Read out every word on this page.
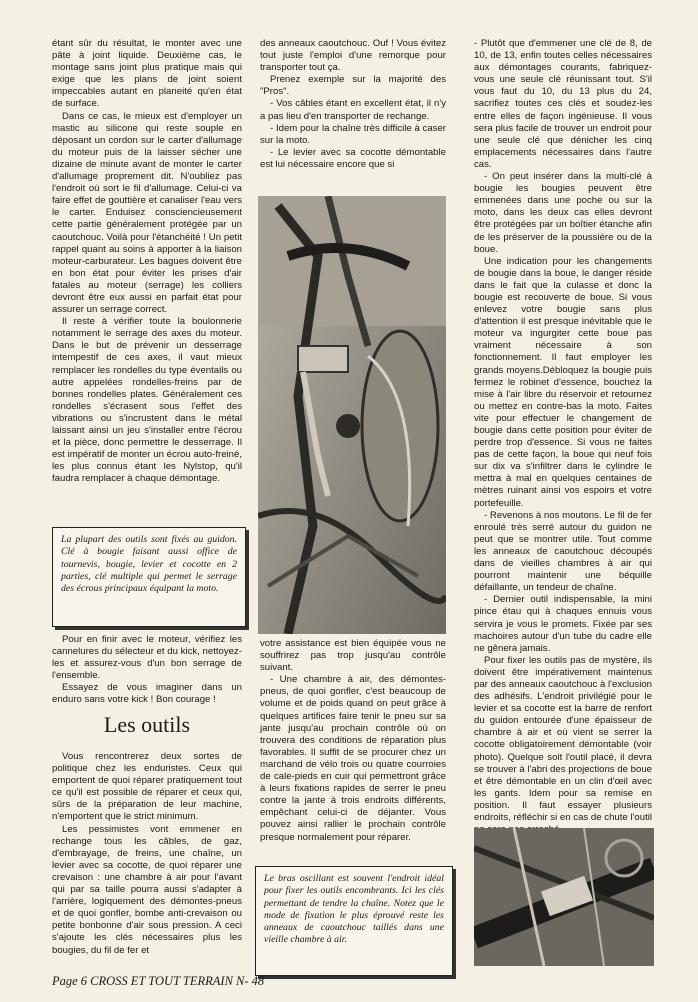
étant sûr du résultat, le monter avec une pâte à joint liquide. Deuxième cas, le montage sans joint plus pratique mais qui exige que les plans de joint soient impeccables autant en planeité qu'en état de surface.

Dans ce cas, le mieux est d'employer un mastic au silicone qui reste souple en déposant un cordon sur le carter d'allumage du moteur puis de la laisser sécher une dizaine de minute avant de monter le carter d'allumage proprement dit. N'oubliez pas l'endroit où sort le fil d'allumage. Celui-ci va faire effet de gouttière et canaliser l'eau vers le carter. Enduisez consciencieusement cette partie généralement protégée par un caoutchouc. Voilà pour l'étanchéité ! Un petit rappel quant au soins à apporter à la liaison moteur-carburateur. Les bagues doivent être en bon état pour éviter les prises d'air fatales au moteur (serrage) les colliers devront être eux aussi en parfait état pour assurer un serrage correct.

Il reste à vérifier toute la boulonnerie notamment le serrage des axes du moteur. Dans le but de prévenir un desserrage intempestif de ces axes, il vaut mieux remplacer les rondelles du type éventails ou autre appelées rondelles-freins par de bonnes rondelles plates. Généralement ces rondelles s'écrasent sous l'effet des vibrations ou s'incrustent dans le métal laissant ainsi un jeu s'installer entre l'écrou et la pièce, donc permettre le desserrage. Il est impératif de monter un écrou auto-freiné, les plus connus étant les Nylstop, qu'il faudra remplacer à chaque démontage.

La plupart des outils sont fixés au guidon. Clé à bougie faisant aussi office de tournevis, bougie, levier et cocotte en 2 parties, clé multiple qui permet le serrage des écrous principaux équipant la moto.

Pour en finir avec le moteur, vérifiez les cannelures du sélecteur et du kick, nettoyez-les et assurez-vous d'un bon serrage de l'ensemble.

Essayez de vous imaginer dans un enduro sans votre kick ! Bon courage !

Les outils

Vous rencontrerez deux sortes de politique chez les enduristes. Ceux qui emportent de quoi réparer pratiquement tout ce qu'il est possible de réparer et ceux qui, sûrs de la préparation de leur machine, n'emportent que le strict minimum.

Les pessimistes vont emmener en rechange tous les câbles, de gaz, d'embrayage, de freins, une chaîne, un levier avec sa cocotte, de quoi réparer une crevaison : une chambre à air pour l'avant qui par sa taille pourra aussi s'adapter à l'arrière, logiquement des démontes-pneus et de quoi gonfler, bombe anti-crevaison ou petite bonbonne d'air sous pression. A ceci s'ajoute les clés nécessaires plus les bougies, du fil de fer et

des anneaux caoutchouc. Ouf ! Vous évitez tout juste l'emploi d'une remorque pour transporter tout ça.

Prenez exemple sur la majorité des "Pros".

- Vos câbles étant en excellent état, il n'y a pas lieu d'en transporter de rechange.

- Idem pour la chaîne très difficile à caser sur la moto.

- Le levier avec sa cocotte démontable est lui nécessaire encore que si

votre assistance est bien équipée vous ne souffrirez pas trop jusqu'au contrôle suivant.

- Une chambre à air, des démontes-pneus, de quoi gonfler, c'est beaucoup de volume et de poids quand on peut grâce à quelques artifices faire tenir le pneu sur sa jante jusqu'au prochain contrôle où on trouvera des conditions de réparation plus favorables. Il suffit de se procurer chez un marchand de vélo trois ou quatre courroies de cale-pieds en cuir qui permettront grâce à leurs fixations rapides de serrer le pneu contre la jante à trois endroits différents, empêchant celui-ci de déjanter. Vous pouvez ainsi rallier le prochain contrôle presque normalement pour réparer.

Le bras oscillant est souvent l'endroit idéal pour fixer les outils encombrants. Ici les clés permettant de tendre la chaîne. Notez que le mode de fixation le plus éprouvé reste les anneaux de caoutchouc taillés dans une vieille chambre à air.

- Plutôt que d'emmener une clé de 8, de 10, de 13, enfin toutes celles nécessaires aux démontages courants, fabriquez-vous une seule clé réunissant tout. S'il vous faut du 10, du 13 plus du 24, sacrifiez toutes ces clés et soudez-les entre elles de façon ingénieuse. Il vous sera plus facile de trouver un endroit pour une seule clé que dénicher les cinq emplacements nécessaires dans l'autre cas.

- On peut insérer dans la multi-clé à bougie les bougies peuvent être emmenées dans une poche ou sur la moto, dans les deux cas elles devront être protégées par un boîtier étanche afin de les préserver de la poussière ou de la boue.

Une indication pour les changements de bougie dans la boue, le danger réside dans le fait que la culasse et donc la bougie est recouverte de boue. Si vous enlevez votre bougie sans plus d'attention il est presque inévitable que le moteur va ingurgiter cette boue pas vraiment nécessaire à son fonctionnement. Il faut employer les grands moyens.Débloquez la bougie puis fermez le robinet d'essence, bouchez la mise à l'air libre du réservoir et retournez ou mettez en contre-bas la moto. Faites vite pour effectuer le changement de bougie dans cette position pour éviter de perdre trop d'essence. Si vous ne faites pas de cette façon, la boue qui neuf fois sur dix va s'infiltrer dans le cylindre le mettra à mal en quelques centaines de mètres ruinant ainsi vos espoirs et votre portefeuille.

- Revenons à nos moutons. Le fil de fer enroulé très serré autour du guidon ne peut que se montrer utile. Tout comme les anneaux de caoutchouc découpés dans de vieilles chambres à air qui pourront maintenir une béquille défaillante, un tendeur de chaîne.

- Dernier outil indispensable, la mini pince étau qui à chaques ennuis vous servira je vous le promets. Fixée par ses machoires autour d'un tube du cadre elle ne gênera jamais.

Pour fixer les outils pas de mystère, ils doivent être impérativement maintenus par des anneaux caoutchouc à l'exclusion des adhésifs. L'endroit privilégié pour le levier et sa cocotte est la barre de renfort du guidon entourée d'une épaisseur de chambre à air et où vient se serrer la cocotte obligatoirement démontable (voir photo). Quelque soit l'outil placé, il devra se trouver à l'abri des projections de boue et être démontable en un clin d'œil avec les gants. Idem pour sa remise en position. Il faut essayer plusieurs endroits, réfléchir si en cas de chute l'outil

Page 6 CROSS ET TOUT TERRAIN N- 48
